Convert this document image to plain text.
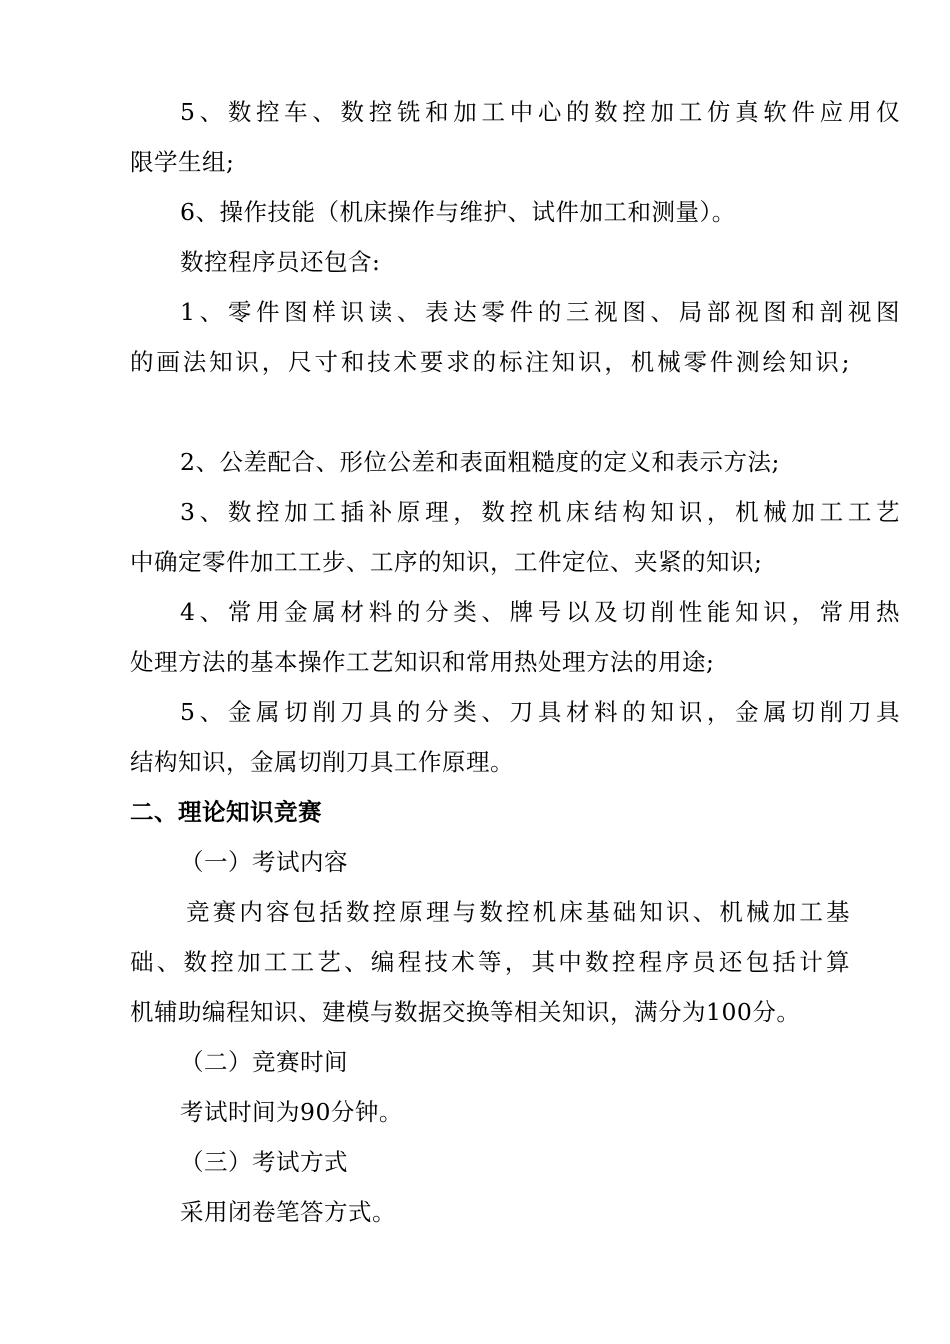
5、数控车、数控铣和加工中心的数控加工仿真软件应用仅
限学生组;
6、操作技能（机床操作与维护、试件加工和测量）。
数控程序员还包含:
1、零件图样识读、表达零件的三视图、局部视图和剖视图
的画法知识，尺寸和技术要求的标注知识，机械零件测绘知识;
2、公差配合、形位公差和表面粗糙度的定义和表示方法;
3、数控加工插补原理，数控机床结构知识，机械加工工艺
中确定零件加工工步、工序的知识，工件定位、夹紧的知识;
4、常用金属材料的分类、牌号以及切削性能知识，常用热
处理方法的基本操作工艺知识和常用热处理方法的用途;
5、金属切削刀具的分类、刀具材料的知识，金属切削刀具
结构知识，金属切削刀具工作原理。
二、理论知识竞赛
（一）考试内容
竞赛内容包括数控原理与数控机床基础知识、机械加工基
础、数控加工工艺、编程技术等，其中数控程序员还包括计算
机辅助编程知识、建模与数据交换等相关知识，满分为100分。
（二）竞赛时间
考试时间为90分钟。
（三）考试方式
采用闭卷笔答方式。
